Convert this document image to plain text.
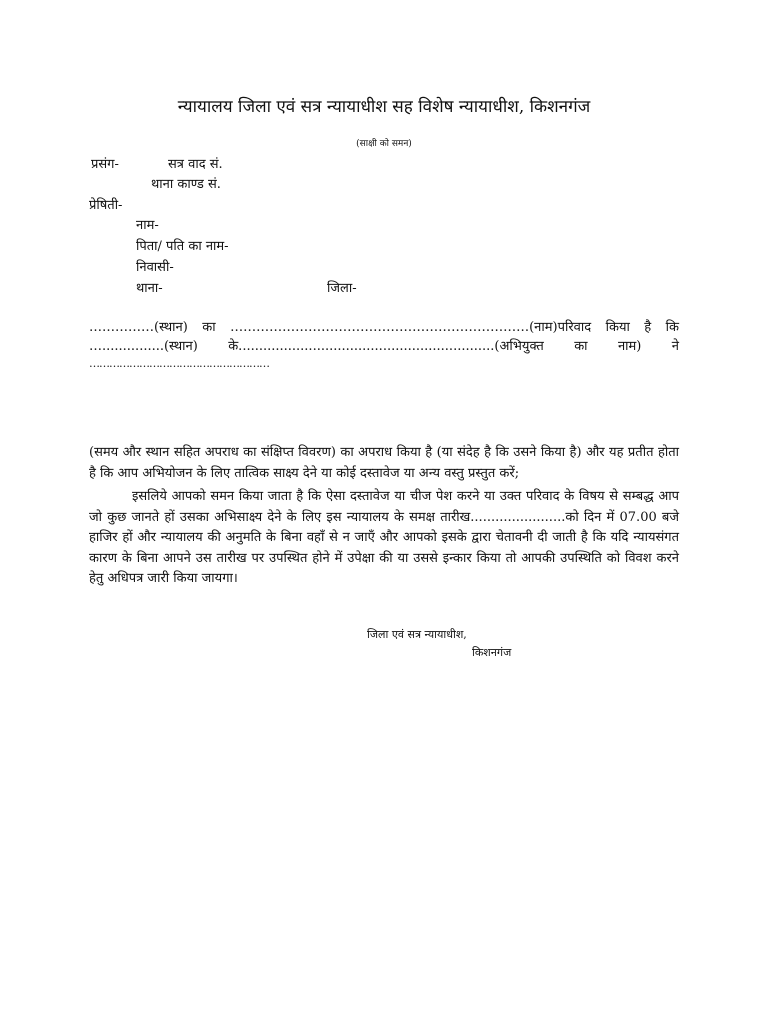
न्यायालय जिला एवं सत्र न्यायाधीश सह विशेष न्यायाधीश, किशनगंज
(साक्षी को समन)
प्रसंग-	सत्र वाद सं.
थाना काण्ड सं.
प्रेषिती-
नाम-
पिता/ पति का नाम-
निवासी-
थाना-	जिला-
……………(स्थान) का ……………………………………………………………(नाम)परिवाद किया है कि
…...............(स्थान) के..............................................................(अभियुक्त का नाम) ने
………………………………………………
(समय और स्थान सहित अपराध का संक्षिप्त विवरण) का अपराध किया है (या संदेह है कि उसने किया है) और यह प्रतीत होता है कि आप अभियोजन के लिए तात्विक साक्ष्य देने या कोई दस्तावेज या अन्य वस्तु प्रस्तुत करें;
इसलिये आपको समन किया जाता है कि ऐसा दस्तावेज या चीज पेश करने या उक्त परिवाद के विषय से सम्बद्ध आप जो कुछ जानते हों उसका अभिसाक्ष्य देने के लिए इस न्यायालय के समक्ष तारीख.......................को दिन में 07.00 बजे हाजिर हों और न्यायालय की अनुमति के बिना वहाँ से न जाएँ और आपको इसके द्वारा चेतावनी दी जाती है कि यदि न्यायसंगत कारण के बिना आपने उस तारीख पर उपस्थित होने में उपेक्षा की या उससे इन्कार किया तो आपकी उपस्थिति को विवश करने हेतु अधिपत्र जारी किया जायगा।
जिला एवं सत्र न्यायाधीश,
किशनगंज
